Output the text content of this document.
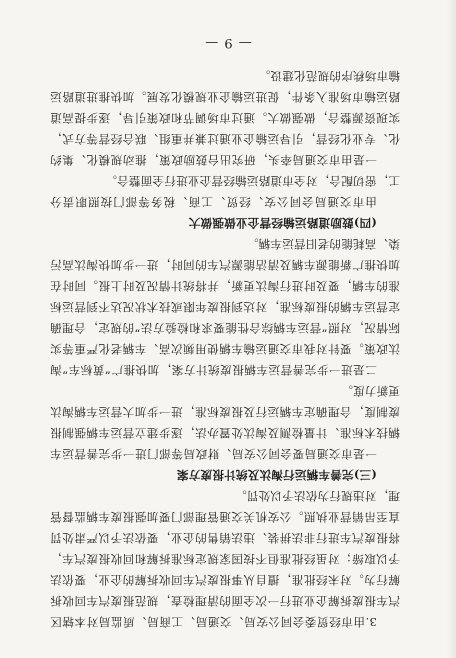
3.由市经贸委会同公安局、交通局、工商局、质监局对本辖区汽车报废拆解企业进行一次全面的清理检查，规范报废汽车回收拆解行为。对未经批准，擅自从事报废汽车回收拆解的企业，要依法予以取缔；对虽经批准但不按国家规定标准拆解和回收报废汽车，将报废汽车进行非法拼装、违法销售的企业，要依法予以严肃处罚直至吊销营业执照。公安机关交通管理部门要加强报废车辆监督管理，对违规行为依法予以处罚。

(三)完善车辆运行淘汰及统计报废方案

一是市交通局要会同公安局、财政局等部门进一步完善营运车辆技术标准、计量检测及淘汰处置办法，逐步建立营运车辆强制报废制度，合理确定车辆运行及报废标准，进一步加大营运车辆淘汰更新力度。

二是进一步完善营运车辆报废统计方案，加快推广“黄标车”淘汰政策。要针对我市交通运输车辆使用频次高、车辆老化严重等实际情况，对照“营运车辆综合性能要求和检验方法”的规定，合理确定营运车辆的报废标准，对达到报废年限或技术状况达不到营运标准的车辆，要及时进行淘汰更新，并将统计情况及时上报。同时在加快推广新能源车辆及清洁能源汽车的同时，进一步加快淘汰高污染、高耗能的老旧营运车辆。

(四)鼓励道路运输经营企业做强做大

由市交通局会同公安、经贸、工商、税务等部门按照职责分工，密切配合，对全市道路运输经营企业进行全面整合。

一是由市交通局牵头，研究出台鼓励政策，推动规模化、集约化、专业化经营，引导运输企业通过兼并重组、联合经营等方式，实现资源整合，做强做大。通过市场调节和政策引导，逐步提高道路运输市场准入条件，促进运输企业规模化发展。加快推进道路运输市场秩序的规范化建设。

— 9 —
